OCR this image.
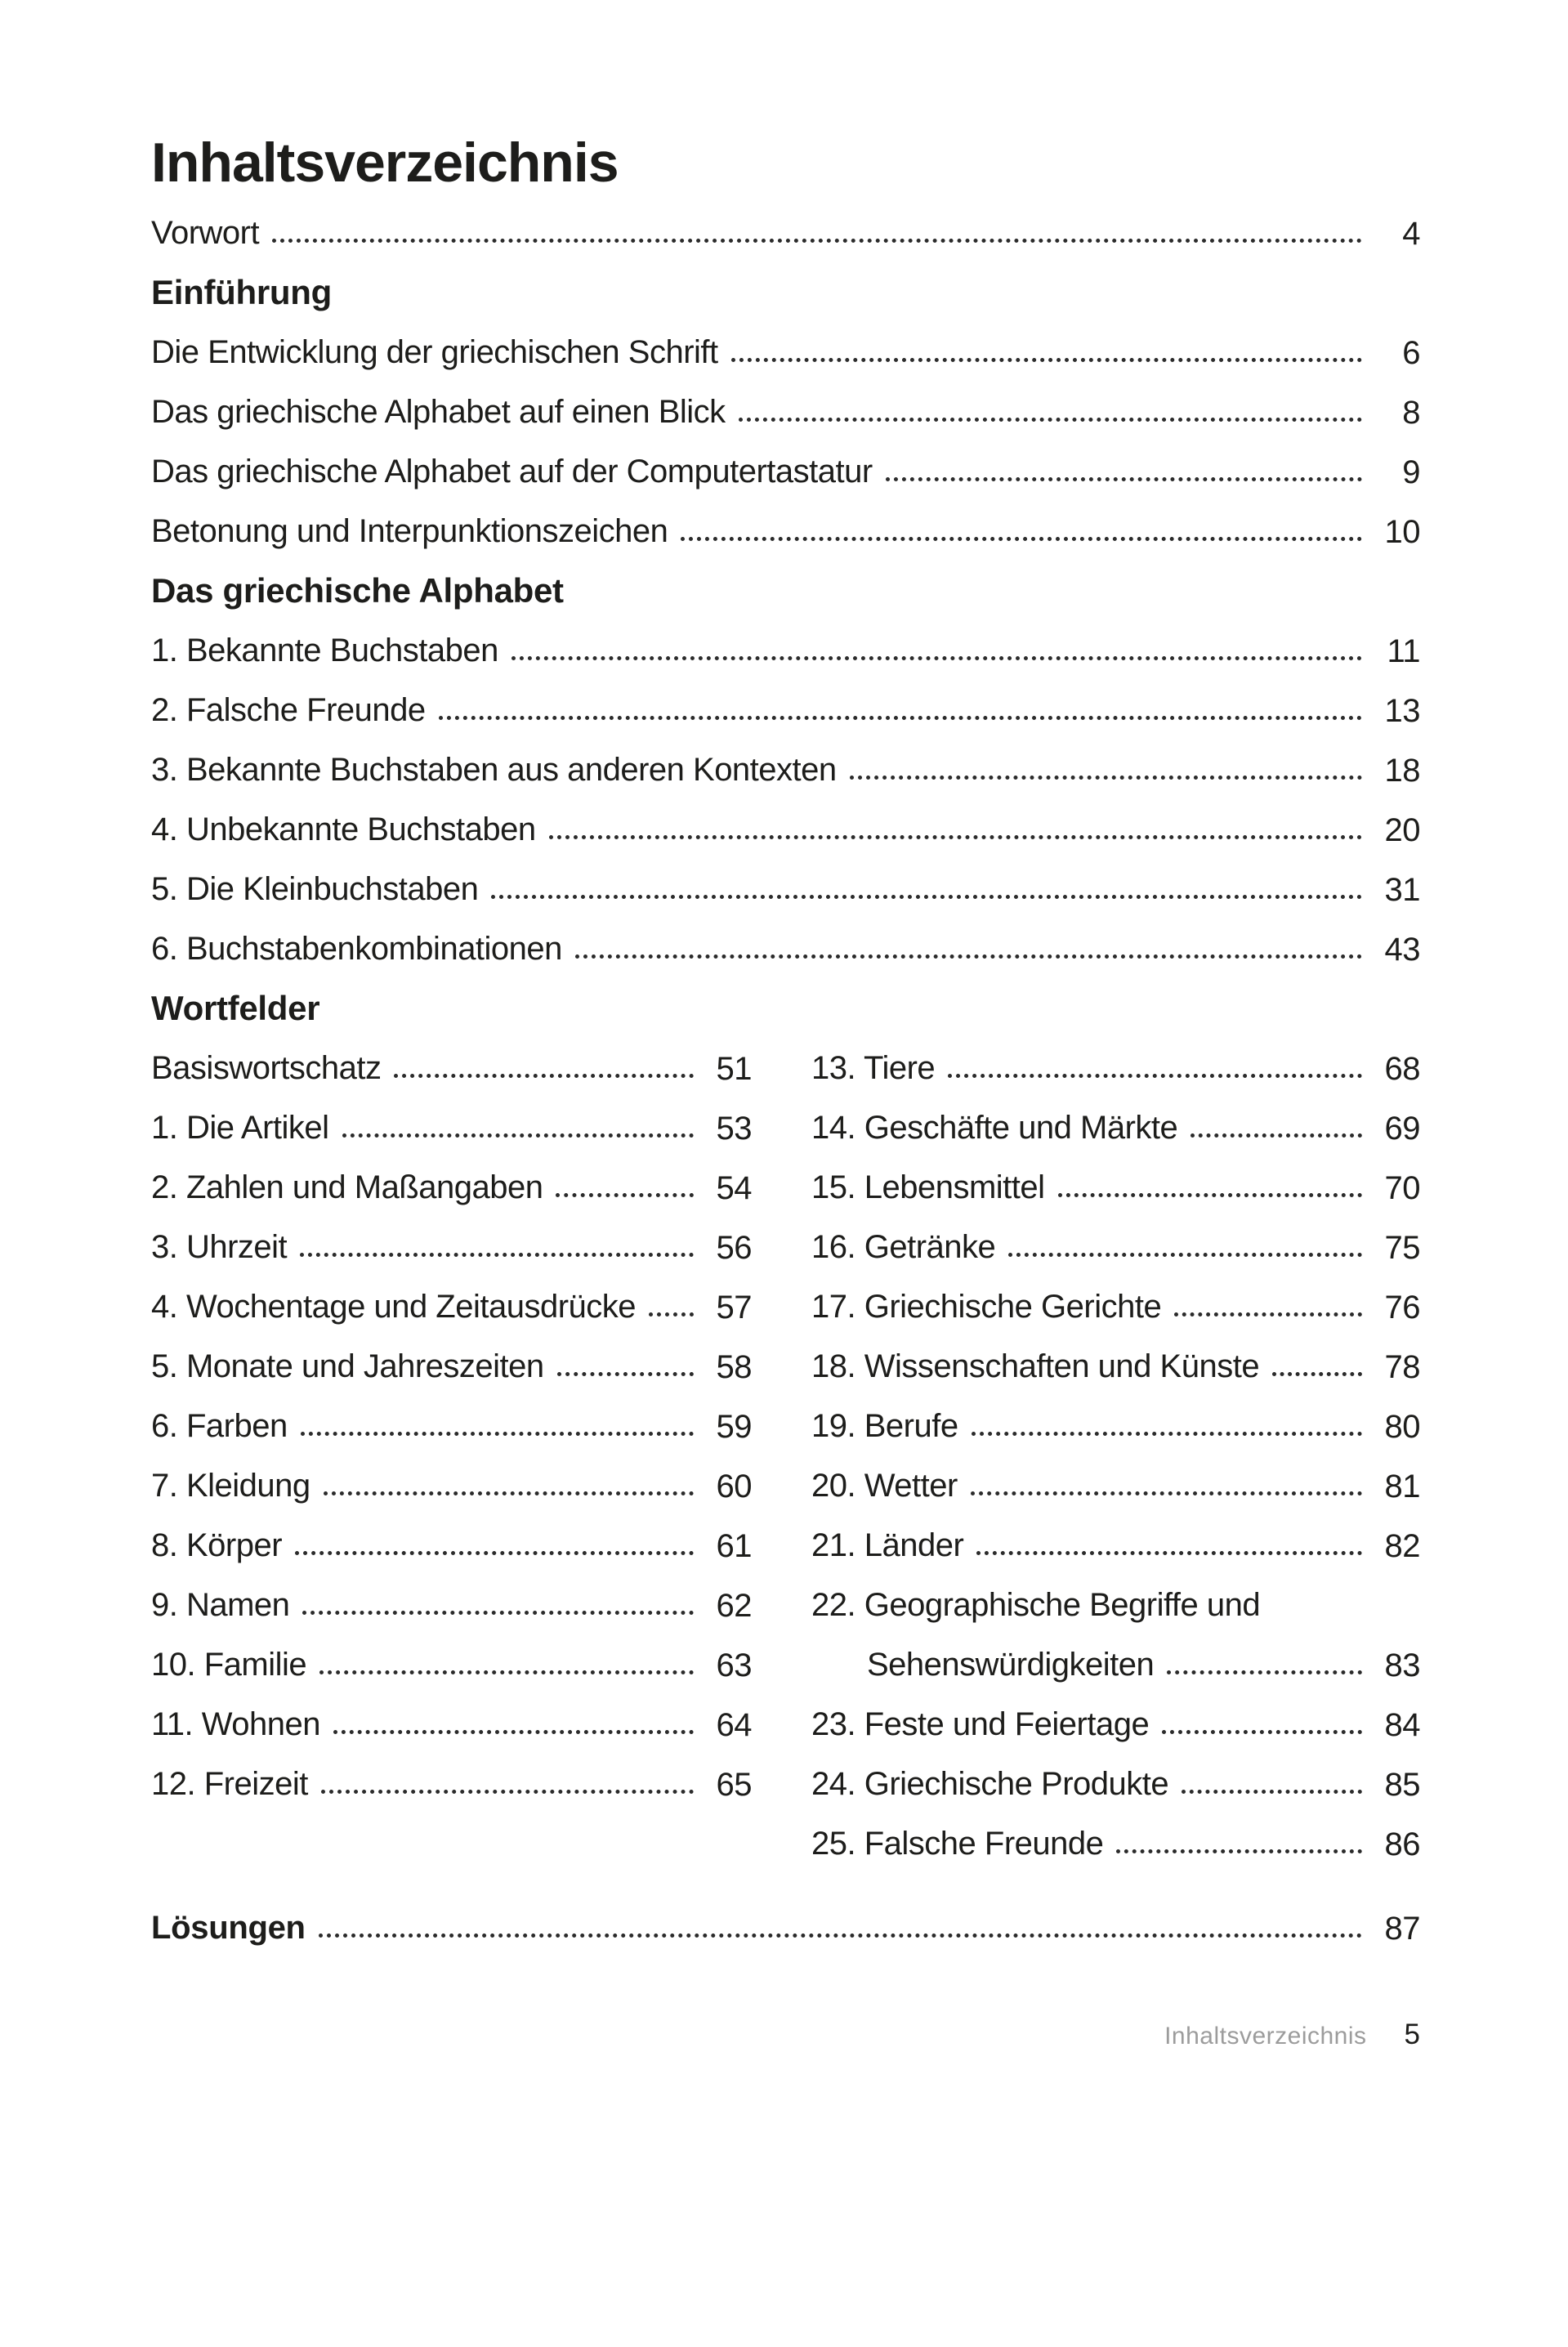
Inhaltsverzeichnis
Vorwort	4
Einführung
Die Entwicklung der griechischen Schrift	6
Das griechische Alphabet auf einen Blick	8
Das griechische Alphabet auf der Computertastatur	9
Betonung und Interpunktionszeichen	10
Das griechische Alphabet
1. Bekannte Buchstaben	11
2. Falsche Freunde	13
3. Bekannte Buchstaben aus anderen Kontexten	18
4. Unbekannte Buchstaben	20
5. Die Kleinbuchstaben	31
6. Buchstabenkombinationen	43
Wortfelder
Basiswortschatz	51
1. Die Artikel	53
2. Zahlen und Maßangaben	54
3. Uhrzeit	56
4. Wochentage und Zeitausdrücke	57
5. Monate und Jahreszeiten	58
6. Farben	59
7. Kleidung	60
8. Körper	61
9. Namen	62
10. Familie	63
11. Wohnen	64
12. Freizeit	65
13. Tiere	68
14. Geschäfte und Märkte	69
15. Lebensmittel	70
16. Getränke	75
17. Griechische Gerichte	76
18. Wissenschaften und Künste	78
19. Berufe	80
20. Wetter	81
21. Länder	82
22. Geographische Begriffe und
Sehenswürdigkeiten	83
23. Feste und Feiertage	84
24. Griechische Produkte	85
25. Falsche Freunde	86
Lösungen	87
Inhaltsverzeichnis 5
